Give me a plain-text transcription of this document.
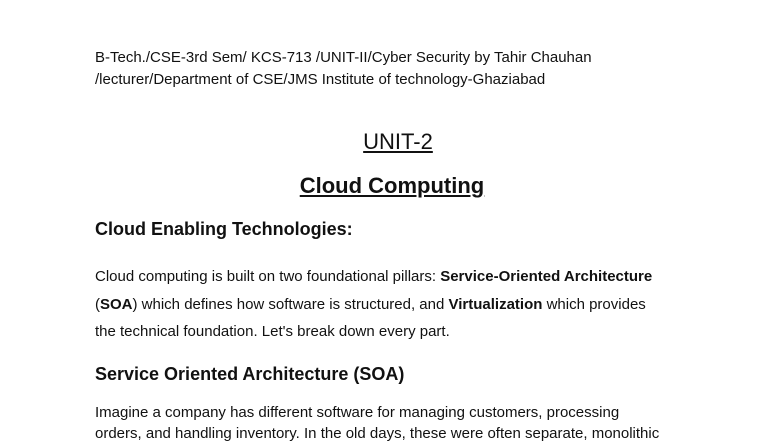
B-Tech./CSE-3rd Sem/ KCS-713 /UNIT-II/Cyber Security by Tahir Chauhan
/lecturer/Department of CSE/JMS Institute of technology-Ghaziabad
UNIT-2
Cloud Computing
Cloud Enabling Technologies:
Cloud computing is built on two foundational pillars: Service-Oriented Architecture
(SOA) which defines how software is structured, and Virtualization which provides
the technical foundation. Let's break down every part.
Service Oriented Architecture (SOA)
Imagine a company has different software for managing customers, processing
orders, and handling inventory. In the old days, these were often separate, monolithic
